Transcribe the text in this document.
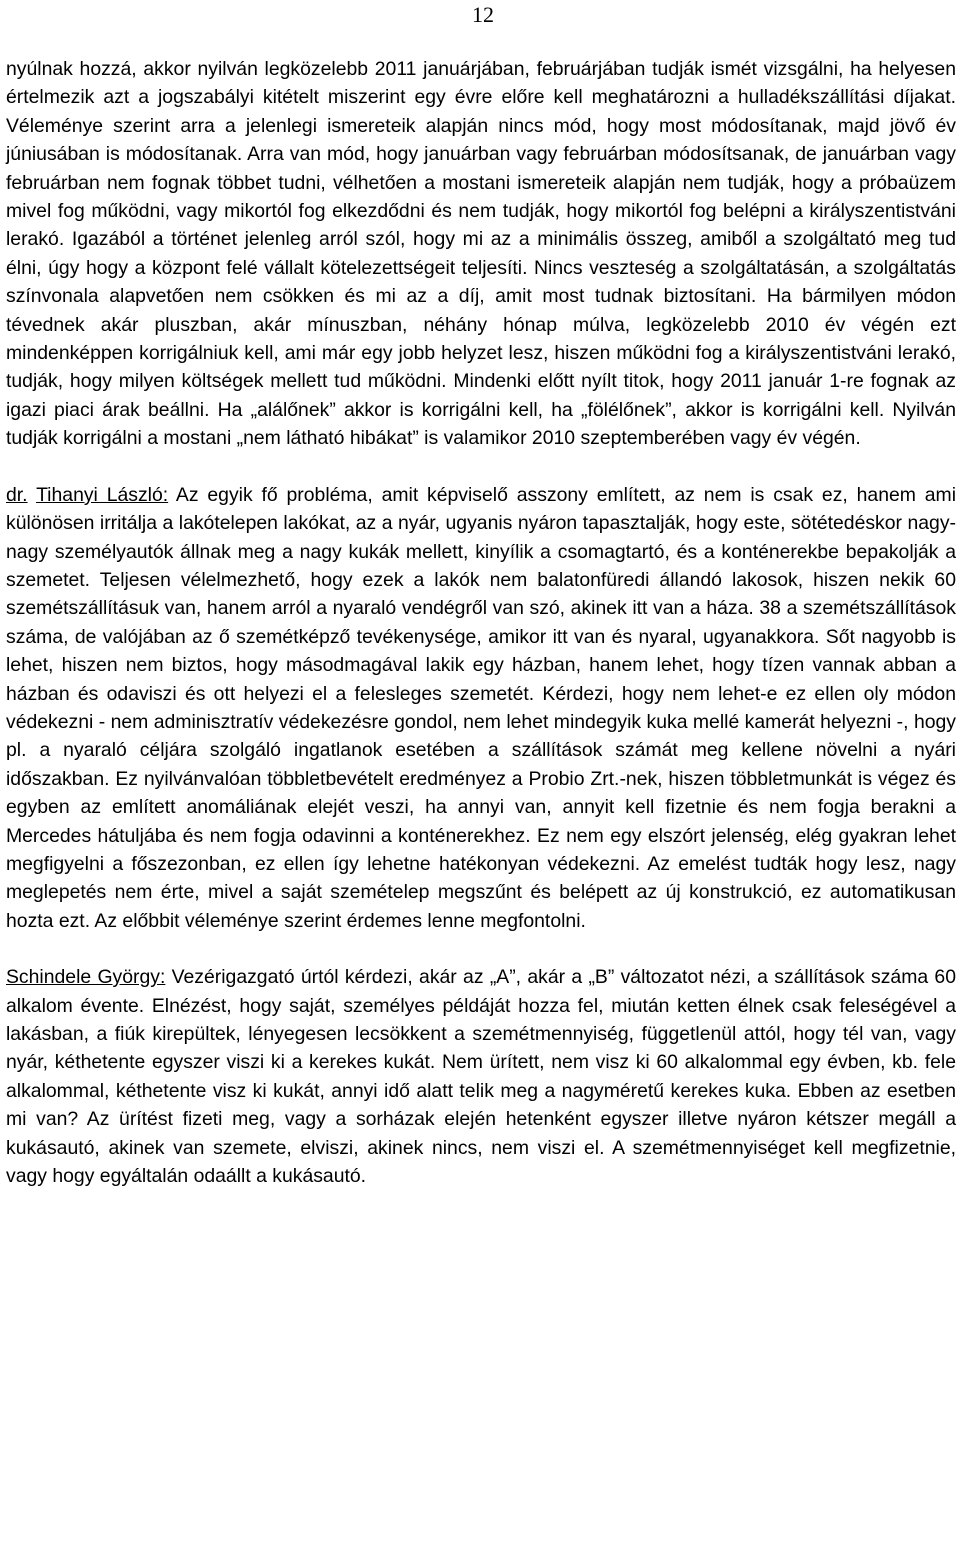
12

nyúlnak hozzá, akkor nyilván legközelebb 2011 januárjában, februárjában tudják ismét vizsgálni, ha helyesen értelmezik azt a jogszabályi kitételt miszerint egy évre előre kell meghatározni a hulladékszállítási díjakat. Véleménye szerint arra a jelenlegi ismereteik alapján nincs mód, hogy most módosítanak, majd jövő év júniusában is módosítanak. Arra van mód, hogy januárban vagy februárban módosítsanak, de januárban vagy februárban nem fognak többet tudni, vélhetően a mostani ismereteik alapján nem tudják, hogy a próbaüzem mivel fog működni, vagy mikortól fog elkezdődni és nem tudják, hogy mikortól fog belépni a királyszentistváni lerakó. Igazából a történet jelenleg arról szól, hogy mi az a minimális összeg, amiből a szolgáltató meg tud élni, úgy hogy a központ felé vállalt kötelezettségeit teljesíti. Nincs veszteség a szolgáltatásán, a szolgáltatás színvonala alapvetően nem csökken és mi az a díj, amit most tudnak biztosítani. Ha bármilyen módon tévednek akár pluszban, akár mínuszban, néhány hónap múlva, legközelebb 2010 év végén ezt mindenképpen korrigálniuk kell, ami már egy jobb helyzet lesz, hiszen működni fog a királyszentistváni lerakó, tudják, hogy milyen költségek mellett tud működni. Mindenki előtt nyílt titok, hogy 2011 január 1-re fognak az igazi piaci árak beállni. Ha „alálőnek” akkor is korrigálni kell, ha „fölélőnek”, akkor is korrigálni kell. Nyilván tudják korrigálni a mostani „nem látható hibákat” is valamikor 2010 szeptemberében vagy év végén.

dr. Tihanyi László: Az egyik fő probléma, amit képviselő asszony említett, az nem is csak ez, hanem ami különösen irritálja a lakótelepen lakókat, az a nyár, ugyanis nyáron tapasztalják, hogy este, sötétedéskor nagy-nagy személyautók állnak meg a nagy kukák mellett, kinyílik a csomagtartó, és a konténerekbe bepakolják a szemetet. Teljesen vélelmezhető, hogy ezek a lakók nem balatonfüredi állandó lakosok, hiszen nekik 60 szemétszállításuk van, hanem arról a nyaraló vendégről van szó, akinek itt van a háza. 38 a szemétszállítások száma, de valójában az ő szemétképző tevékenysége, amikor itt van és nyaral, ugyanakkora. Sőt nagyobb is lehet, hiszen nem biztos, hogy másodmagával lakik egy házban, hanem lehet, hogy tízen vannak abban a házban és odaviszi és ott helyezi el a felesleges szemetét. Kérdezi, hogy nem lehet-e ez ellen oly módon védekezni - nem adminisztratív védekezésre gondol, nem lehet mindegyik kuka mellé kamerát helyezni -, hogy pl. a nyaraló céljára szolgáló ingatlanok esetében a szállítások számát meg kellene növelni a nyári időszakban. Ez nyilvánvalóan többletbevételt eredményez a Probio Zrt.-nek, hiszen többletmunkát is végez és egyben az említett anomáliának elejét veszi, ha annyi van, annyit kell fizetnie és nem fogja berakni a Mercedes hátuljába és nem fogja odavinni a konténerekhez. Ez nem egy elszórt jelenség, elég gyakran lehet megfigyelni a főszezonban, ez ellen így lehetne hatékonyan védekezni. Az emelést tudták hogy lesz, nagy meglepetés nem érte, mivel a saját szemételep megszűnt és belépett az új konstrukció, ez automatikusan hozta ezt. Az előbbit véleménye szerint érdemes lenne megfontolni.

Schindele György: Vezérigazgató úrtól kérdezi, akár az „A”, akár a „B” változatot nézi, a szállítások száma 60 alkalom évente. Elnézést, hogy saját, személyes példáját hozza fel, miután ketten élnek csak feleségével a lakásban, a fiúk kirepültek, lényegesen lecsökkent a szemétmennyiség, függetlenül attól, hogy tél van, vagy nyár, kéthetente egyszer viszi ki a kerekes kukát. Nem ürített, nem visz ki 60 alkalommal egy évben, kb. fele alkalommal, kéthetente visz ki kukát, annyi idő alatt telik meg a nagyméretű kerekes kuka. Ebben az esetben mi van? Az ürítést fizeti meg, vagy a sorházak elején hetenként egyszer illetve nyáron kétszer megáll a kukásautó, akinek van szemete, elviszi, akinek nincs, nem viszi el. A szemétmennyiséget kell megfizetnie, vagy hogy egyáltalán odaállt a kukásautó.
